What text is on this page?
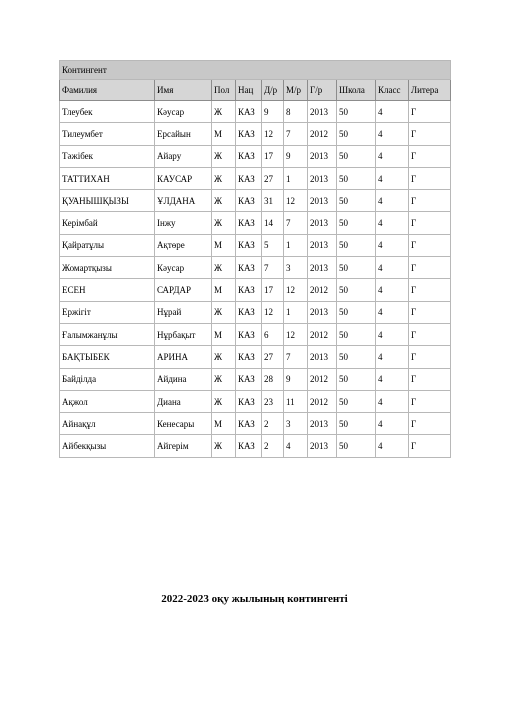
Контингент									
Фамилия	Имя	Пол	Нац	Д/р	М/р	Г/р	Школа	Класс	Литера
Тлеубек	Кәусар	Ж	КАЗ	9	8	2013	50	4	Г
Тилеумбет	Ерсайын	М	КАЗ	12	7	2012	50	4	Г
Тәжібек	Айару	Ж	КАЗ	17	9	2013	50	4	Г
ТАТТИХАН	КАУСАР	Ж	КАЗ	27	1	2013	50	4	Г
ҚУАНЫШҚЫЗЫ	ҰЛДАНА	Ж	КАЗ	31	12	2013	50	4	Г
Керімбай	Інжу	Ж	КАЗ	14	7	2013	50	4	Г
Қайратұлы	Ақтөре	М	КАЗ	5	1	2013	50	4	Г
Жомартқызы	Кәусар	Ж	КАЗ	7	3	2013	50	4	Г
ЕСЕН	САРДАР	М	КАЗ	17	12	2012	50	4	Г
Ержігіт	Нұрай	Ж	КАЗ	12	1	2013	50	4	Г
Ғалымжанұлы	Нұрбақыт	М	КАЗ	6	12	2012	50	4	Г
БАҚТЫБЕК	АРИНА	Ж	КАЗ	27	7	2013	50	4	Г
Байділда	Айдина	Ж	КАЗ	28	9	2012	50	4	Г
Ақжол	Диана	Ж	КАЗ	23	11	2012	50	4	Г
Айнақұл	Кенесары	М	КАЗ	2	3	2013	50	4	Г
Айбекқызы	Айгерім	Ж	КАЗ	2	4	2013	50	4	Г
2022-2023 оқу жылының контингенті
